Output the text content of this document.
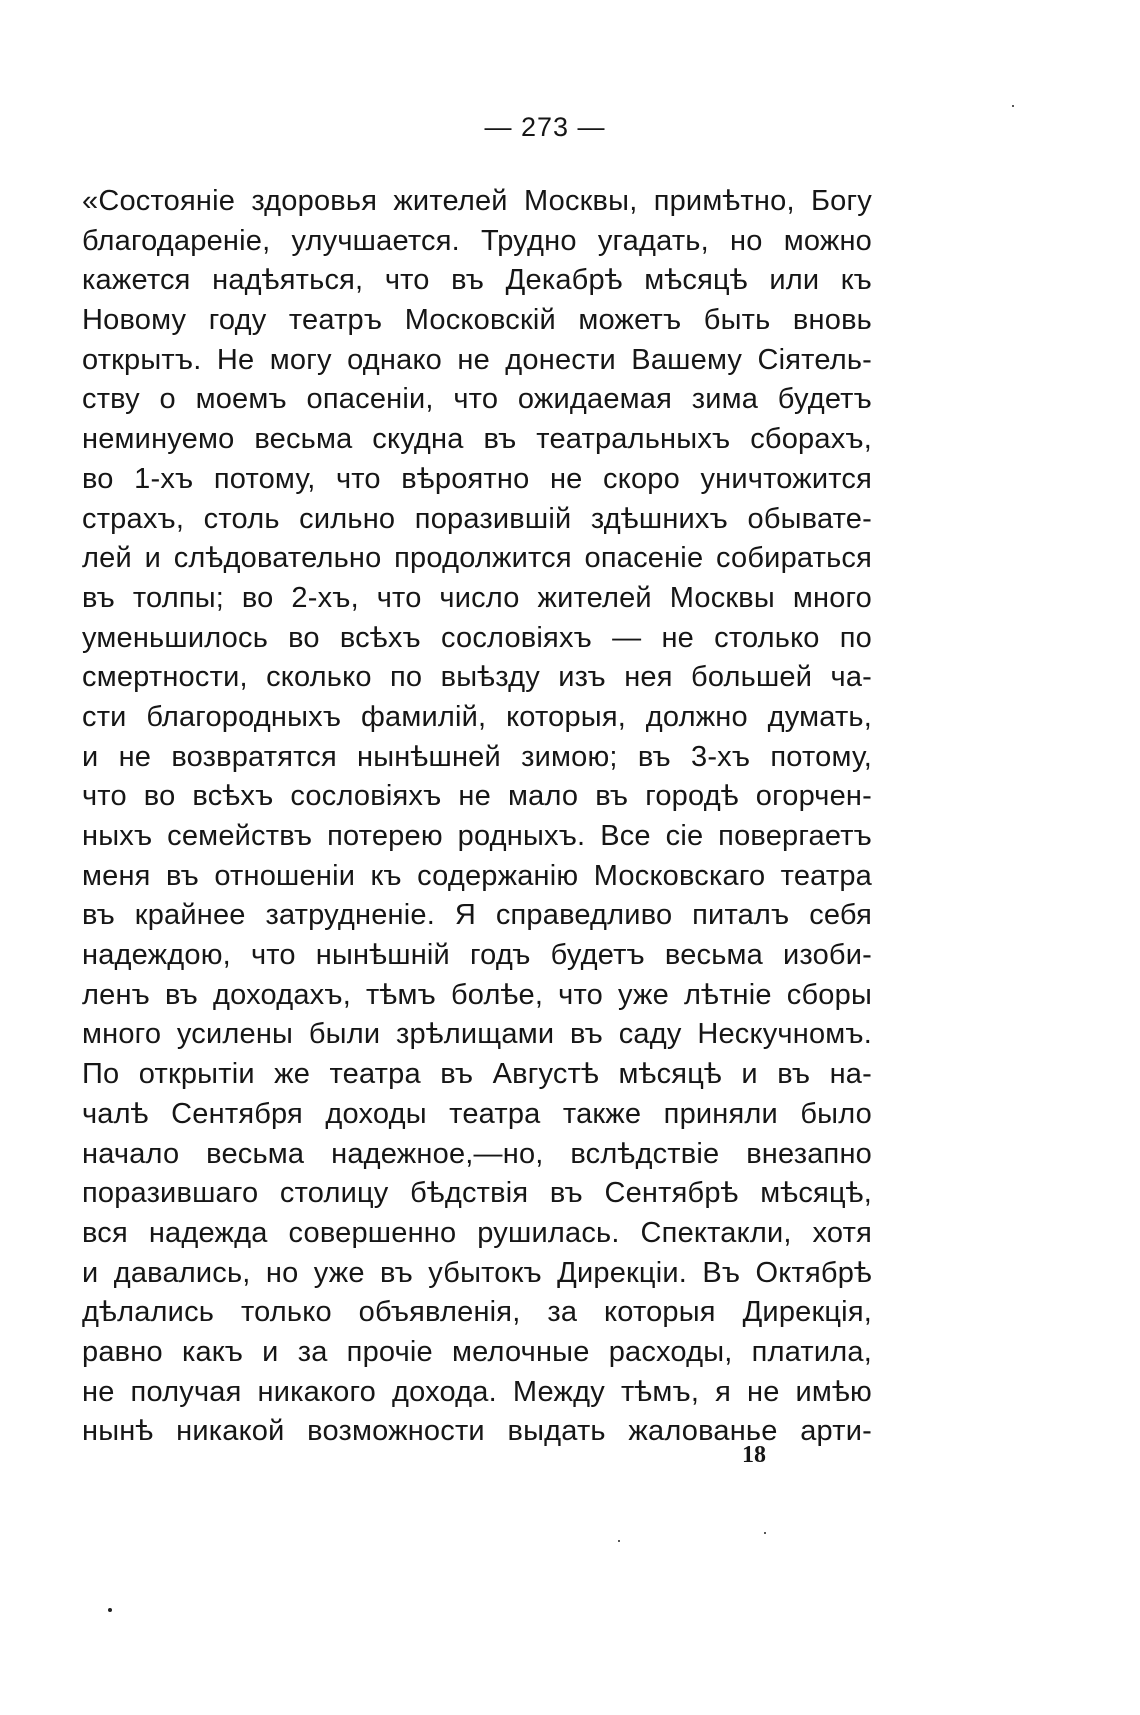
— 273 —
«Состоянiе здоровья жителей Москвы, примѣтно, Богу
благодаренiе, улучшается. Трудно угадать, но можно
кажется надѣяться, что въ Декабрѣ мѣсяцѣ или къ
Новому году театръ Московскiй можетъ быть вновь
открытъ. Не могу однако не донести Вашему Сiятель-
ству о моемъ опасенiи, что ожидаемая зима будетъ
неминуемо весьма скудна въ театральныхъ сборахъ,
во 1-хъ потому, что вѣроятно не скоро уничтожится
страхъ, столь сильно поразившiй здѣшнихъ обывате-
лей и слѣдовательно продолжится опасенiе собираться
въ толпы; во 2-хъ, что число жителей Москвы много
уменьшилось во всѣхъ сословiяхъ — не столько по
смертности, сколько по выѣзду изъ нея большей ча-
сти благородныхъ фамилiй, которыя, должно думать,
и не возвратятся нынѣшней зимою; въ 3-хъ потому,
что во всѣхъ сословiяхъ не мало въ городѣ огорчен-
ныхъ семействъ потерею родныхъ. Все сiе повергаетъ
меня въ отношенiи къ содержанiю Московскаго театра
въ крайнее затрудненiе. Я справедливо питалъ себя
надеждою, что нынѣшнiй годъ будетъ весьма изоби-
ленъ въ доходахъ, тѣмъ болѣе, что уже лѣтнiе сборы
много усилены были зрѣлищами въ саду Нескучномъ.
По открытiи же театра въ Августѣ мѣсяцѣ и въ на-
чалѣ Сентября доходы театра также приняли было
начало весьма надежное,—но, вслѣдствiе внезапно
поразившаго столицу бѣдствiя въ Сентябрѣ мѣсяцѣ,
вся надежда совершенно рушилась. Спектакли, хотя
и давались, но уже въ убытокъ Дирекцiи. Въ Октябрѣ
дѣлались только объявленiя, за которыя Дирекцiя,
равно какъ и за прочiе мелочные расходы, платила,
не получая никакого дохода. Между тѣмъ, я не имѣю
нынѣ никакой возможности выдать жалованье арти-
18
